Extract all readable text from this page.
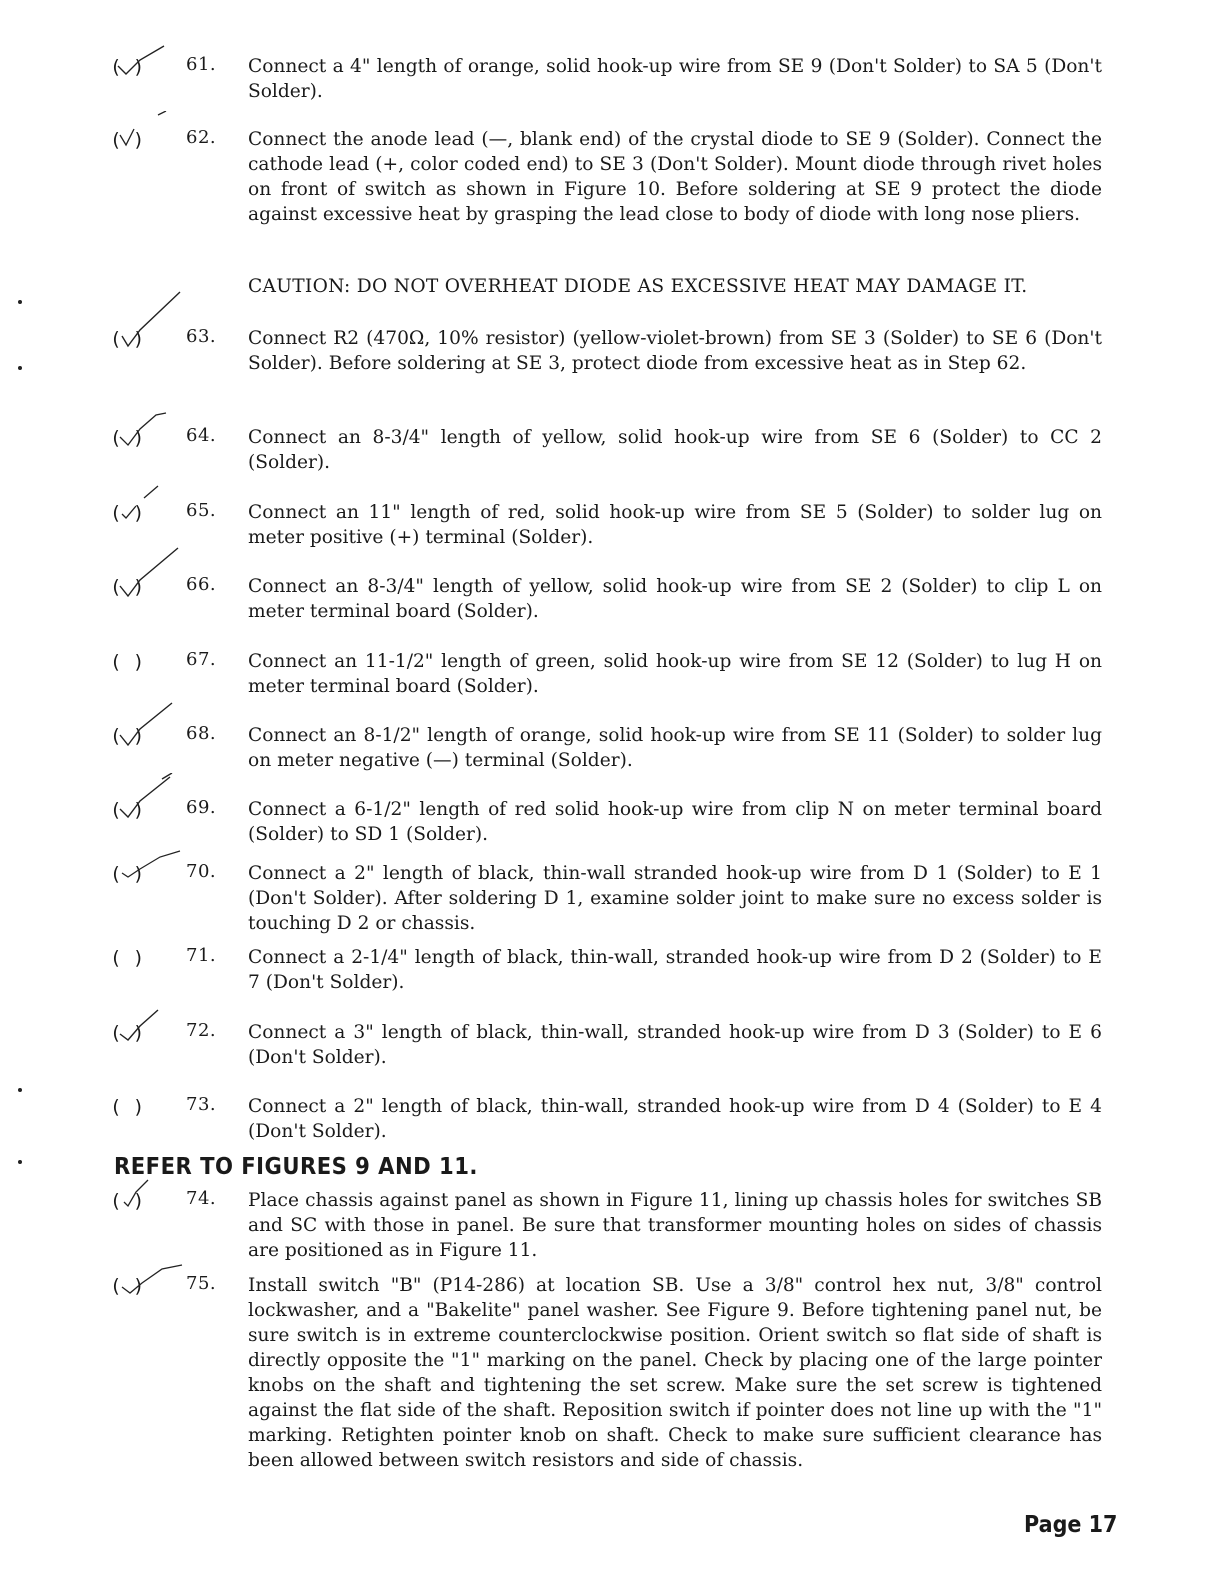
( ) 61. Connect a 4" length of orange, solid hook-up wire from SE 9 (Don't Solder) to SA 5 (Don't Solder).
( ) 62. Connect the anode lead (—, blank end) of the crystal diode to SE 9 (Solder). Connect the cathode lead (+, color coded end) to SE 3 (Don't Solder). Mount diode through rivet holes on front of switch as shown in Figure 10. Before soldering at SE 9 protect the diode against excessive heat by grasping the lead close to body of diode with long nose pliers.
CAUTION: DO NOT OVERHEAT DIODE AS EXCESSIVE HEAT MAY DAMAGE IT.
( ) 63. Connect R2 (470Ω, 10% resistor) (yellow-violet-brown) from SE 3 (Solder) to SE 6 (Don't Solder). Before soldering at SE 3, protect diode from excessive heat as in Step 62.
( ) 64. Connect an 8-3/4" length of yellow, solid hook-up wire from SE 6 (Solder) to CC 2 (Solder).
( ) 65. Connect an 11" length of red, solid hook-up wire from SE 5 (Solder) to solder lug on meter positive (+) terminal (Solder).
( ) 66. Connect an 8-3/4" length of yellow, solid hook-up wire from SE 2 (Solder) to clip L on meter terminal board (Solder).
( ) 67. Connect an 11-1/2" length of green, solid hook-up wire from SE 12 (Solder) to lug H on meter terminal board (Solder).
( ) 68. Connect an 8-1/2" length of orange, solid hook-up wire from SE 11 (Solder) to solder lug on meter negative (—) terminal (Solder).
( ) 69. Connect a 6-1/2" length of red solid hook-up wire from clip N on meter terminal board (Solder) to SD 1 (Solder).
( ) 70. Connect a 2" length of black, thin-wall stranded hook-up wire from D 1 (Solder) to E 1 (Don't Solder). After soldering D 1, examine solder joint to make sure no excess solder is touching D 2 or chassis.
( ) 71. Connect a 2-1/4" length of black, thin-wall, stranded hook-up wire from D 2 (Solder) to E 7 (Don't Solder).
( ) 72. Connect a 3" length of black, thin-wall, stranded hook-up wire from D 3 (Solder) to E 6 (Don't Solder).
( ) 73. Connect a 2" length of black, thin-wall, stranded hook-up wire from D 4 (Solder) to E 4 (Don't Solder).
REFER TO FIGURES 9 AND 11.
( ) 74. Place chassis against panel as shown in Figure 11, lining up chassis holes for switches SB and SC with those in panel. Be sure that transformer mounting holes on sides of chassis are positioned as in Figure 11.
( ) 75. Install switch "B" (P14-286) at location SB. Use a 3/8" control hex nut, 3/8" control lockwasher, and a "Bakelite" panel washer. See Figure 9. Before tightening panel nut, be sure switch is in extreme counterclockwise position. Orient switch so flat side of shaft is directly opposite the "1" marking on the panel. Check by placing one of the large pointer knobs on the shaft and tightening the set screw. Make sure the set screw is tightened against the flat side of the shaft. Reposition switch if pointer does not line up with the "1" marking. Retighten pointer knob on shaft. Check to make sure sufficient clearance has been allowed between switch resistors and side of chassis.
Page 17
